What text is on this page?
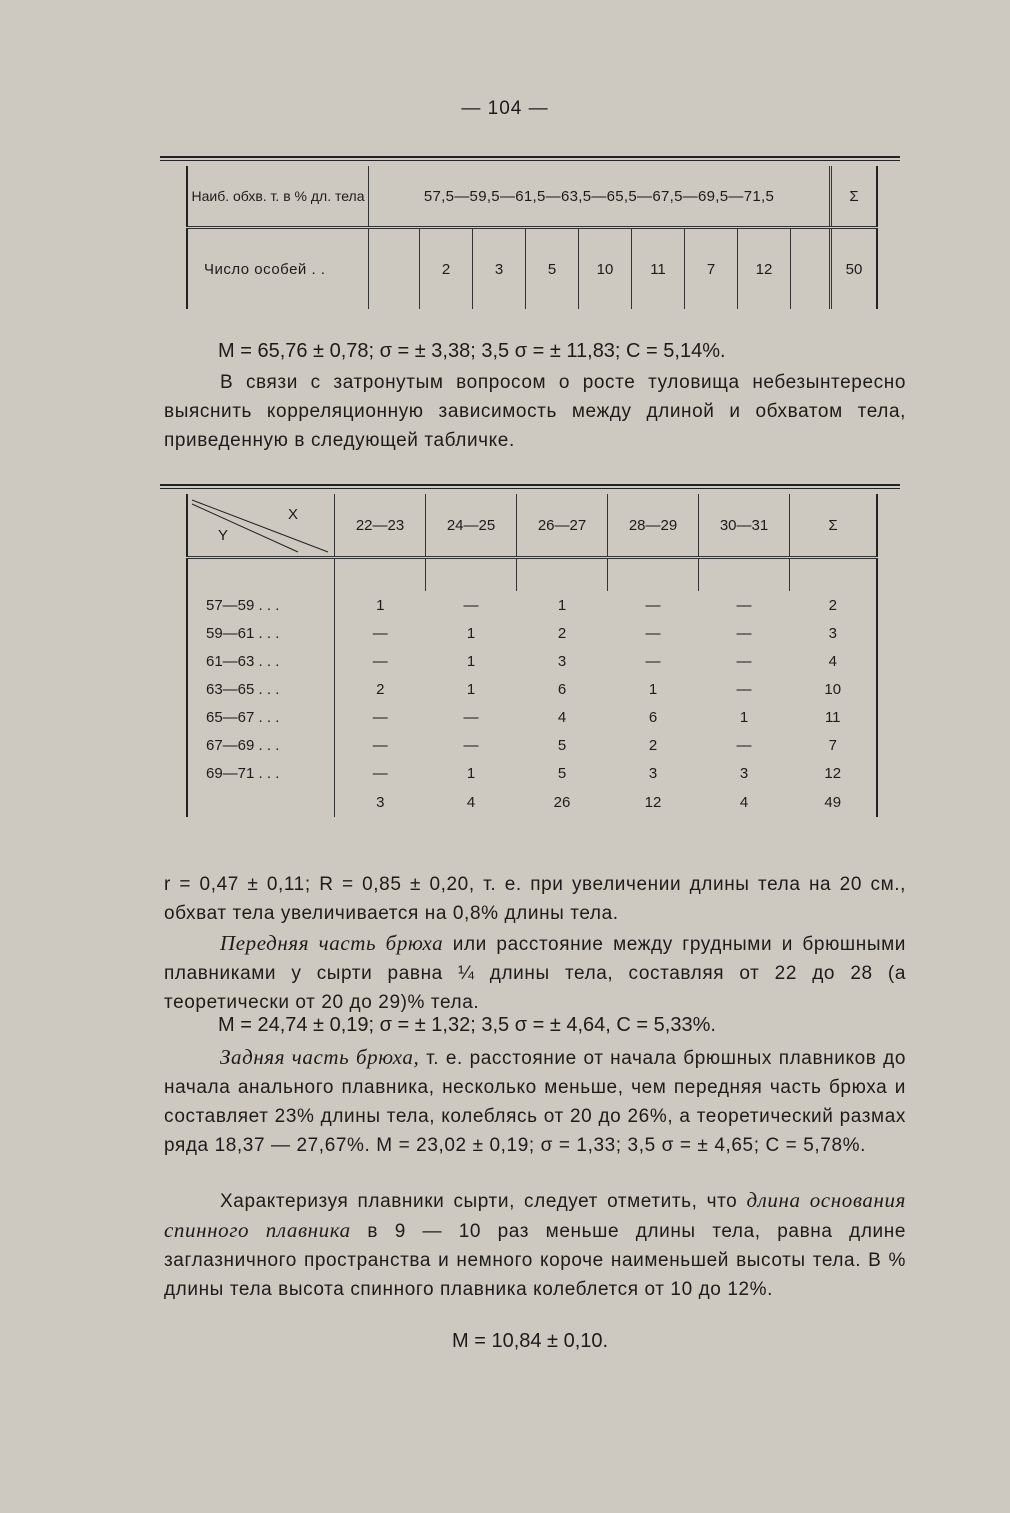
— 104 —
Наиб. обхв. т. в % дл. тела	57,5—59,5—61,5—63,5—65,5—67,5—69,5—71,5									Σ
Число особей . .		2	3	5	10	11	7	12		50
M = 65,76 ± 0,78; σ = ± 3,38; 3,5 σ = ± 11,83; C = 5,14%.
В связи с затронутым вопросом о росте туловища небезынтересно выяснить корреляционную зависимость между длиной и обхватом тела, приведенную в следующей табличке.
X
Y	22—23	24—25	26—27	28—29	30—31	Σ

57—59 . . .	1	—	1	—	—	2
59—61 . . .	—	1	2	—	—	3
61—63 . . .	—	1	3	—	—	4
63—65 . . .	2	1	6	1	—	10
65—67 . . .	—	—	4	6	1	11
67—69 . . .	—	—	5	2	—	7
69—71 . . .	—	1	5	3	3	12
	3	4	26	12	4	49
r = 0,47 ± 0,11; R = 0,85 ± 0,20, т. е. при увеличении длины тела на 20 см., обхват тела увеличивается на 0,8% длины тела.
Передняя часть брюха или расстояние между грудными и брюшными плавниками у сырти равна ¼ длины тела, составляя от 22 до 28 (а теоретически от 20 до 29)% тела.
M = 24,74 ± 0,19; σ = ± 1,32; 3,5 σ = ± 4,64, C = 5,33%.
Задняя часть брюха, т. е. расстояние от начала брюшных плавников до начала анального плавника, несколько меньше, чем передняя часть брюха и составляет 23% длины тела, колеблясь от 20 до 26%, а теоретический размах ряда 18,37 — 27,67%. M = 23,02 ± 0,19; σ = 1,33; 3,5 σ = ± 4,65; C = 5,78%.
Характеризуя плавники сырти, следует отметить, что длина основания спинного плавника в 9 — 10 раз меньше длины тела, равна длине заглазничного пространства и немного короче наименьшей высоты тела. В % длины тела высота спинного плавника колеблется от 10 до 12%.
M = 10,84 ± 0,10.
